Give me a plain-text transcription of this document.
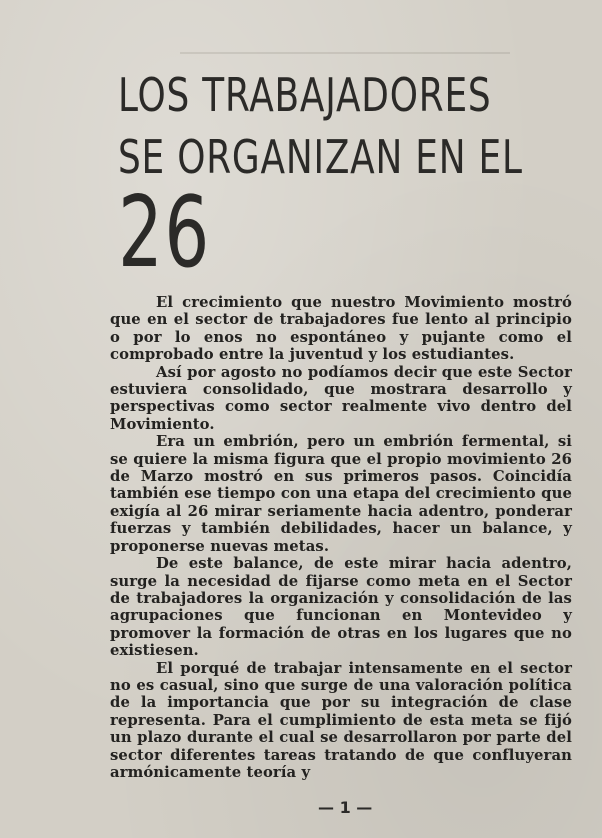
LOS TRABAJADORES
SE ORGANIZAN EN EL
26

El crecimiento que nuestro Movimiento mostró que en el sector de trabajadores fue lento al principio o por lo enos no espontáneo y pujante como el comprobado entre la juventud y los estudiantes.

Así por agosto no podíamos decir que este Sector estuviera consolidado, que mostrara desarrollo y perspectivas como sector realmente vivo dentro del Movimiento.

Era un embrión, pero un embrión fermental, si se quiere la misma figura que el propio movimiento 26 de Marzo mostró en sus primeros pasos. Coincidía también ese tiempo con una etapa del crecimiento que exigía al 26 mirar seriamente hacia adentro, ponderar fuerzas y también debilidades, hacer un balance, y proponerse nuevas metas.

De este balance, de este mirar hacia adentro, surge la necesidad de fijarse como meta en el Sector de trabajadores la organización y consolidación de las agrupaciones que funcionan en Montevideo y promover la formación de otras en los lugares que no existiesen.

El porqué de trabajar intensamente en el sector no es casual, sino que surge de una valoración política de la importancia que por su integración de clase representa. Para el cumplimiento de esta meta se fijó un plazo durante el cual se desarrollaron por parte del sector diferentes tareas tratando de que confluyeran armónicamente teoría y

— 1 —
